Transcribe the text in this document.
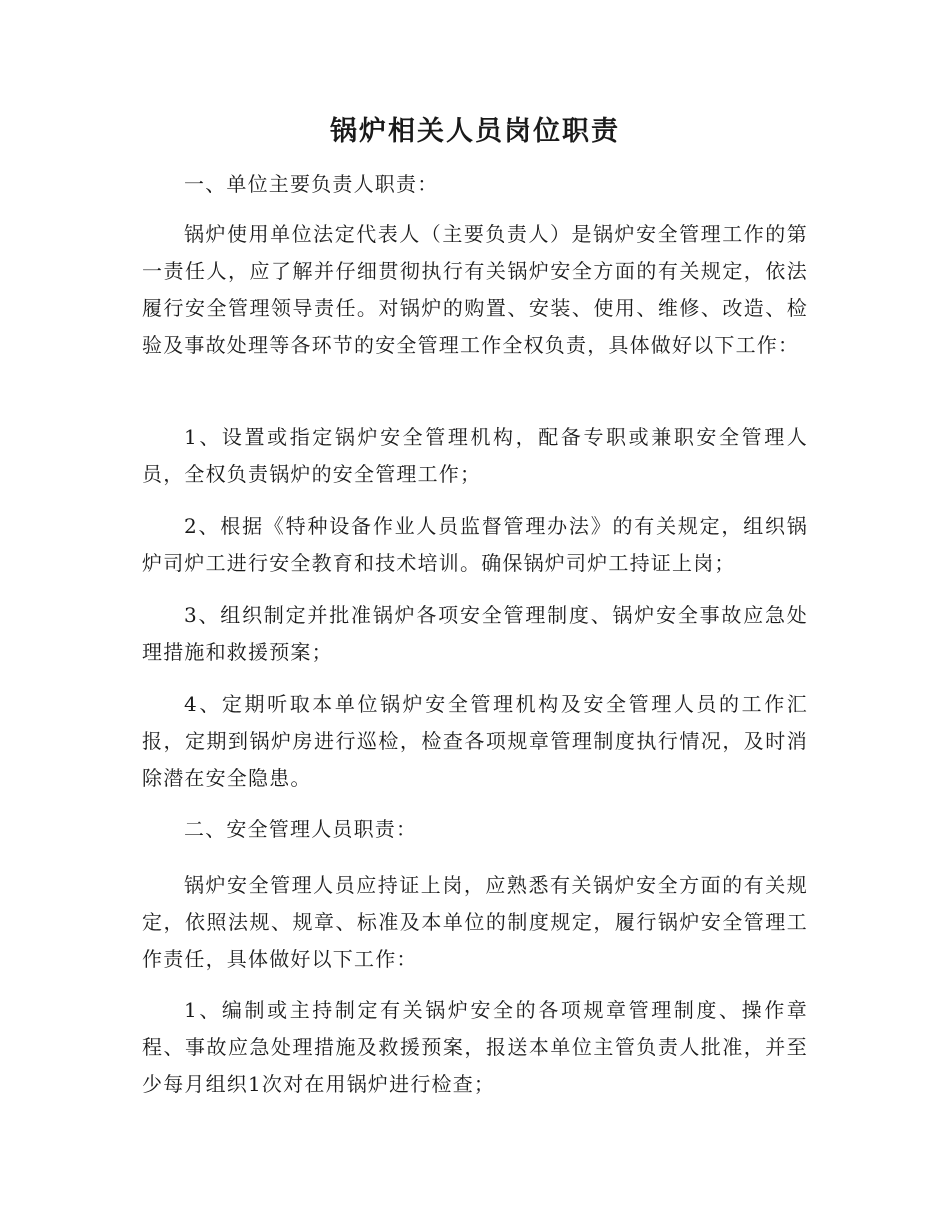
锅炉相关人员岗位职责

一、单位主要负责人职责：

锅炉使用单位法定代表人（主要负责人）是锅炉安全管理工作的第一责任人，应了解并仔细贯彻执行有关锅炉安全方面的有关规定，依法履行安全管理领导责任。对锅炉的购置、安装、使用、维修、改造、检验及事故处理等各环节的安全管理工作全权负责，具体做好以下工作：

1、设置或指定锅炉安全管理机构，配备专职或兼职安全管理人员，全权负责锅炉的安全管理工作；

2、根据《特种设备作业人员监督管理办法》的有关规定，组织锅炉司炉工进行安全教育和技术培训。确保锅炉司炉工持证上岗；

3、组织制定并批准锅炉各项安全管理制度、锅炉安全事故应急处理措施和救援预案；

4、定期听取本单位锅炉安全管理机构及安全管理人员的工作汇报，定期到锅炉房进行巡检，检查各项规章管理制度执行情况，及时消除潜在安全隐患。

二、安全管理人员职责：

锅炉安全管理人员应持证上岗，应熟悉有关锅炉安全方面的有关规定，依照法规、规章、标准及本单位的制度规定，履行锅炉安全管理工作责任，具体做好以下工作：

1、编制或主持制定有关锅炉安全的各项规章管理制度、操作章程、事故应急处理措施及救援预案，报送本单位主管负责人批准，并至少每月组织1次对在用锅炉进行检查；
